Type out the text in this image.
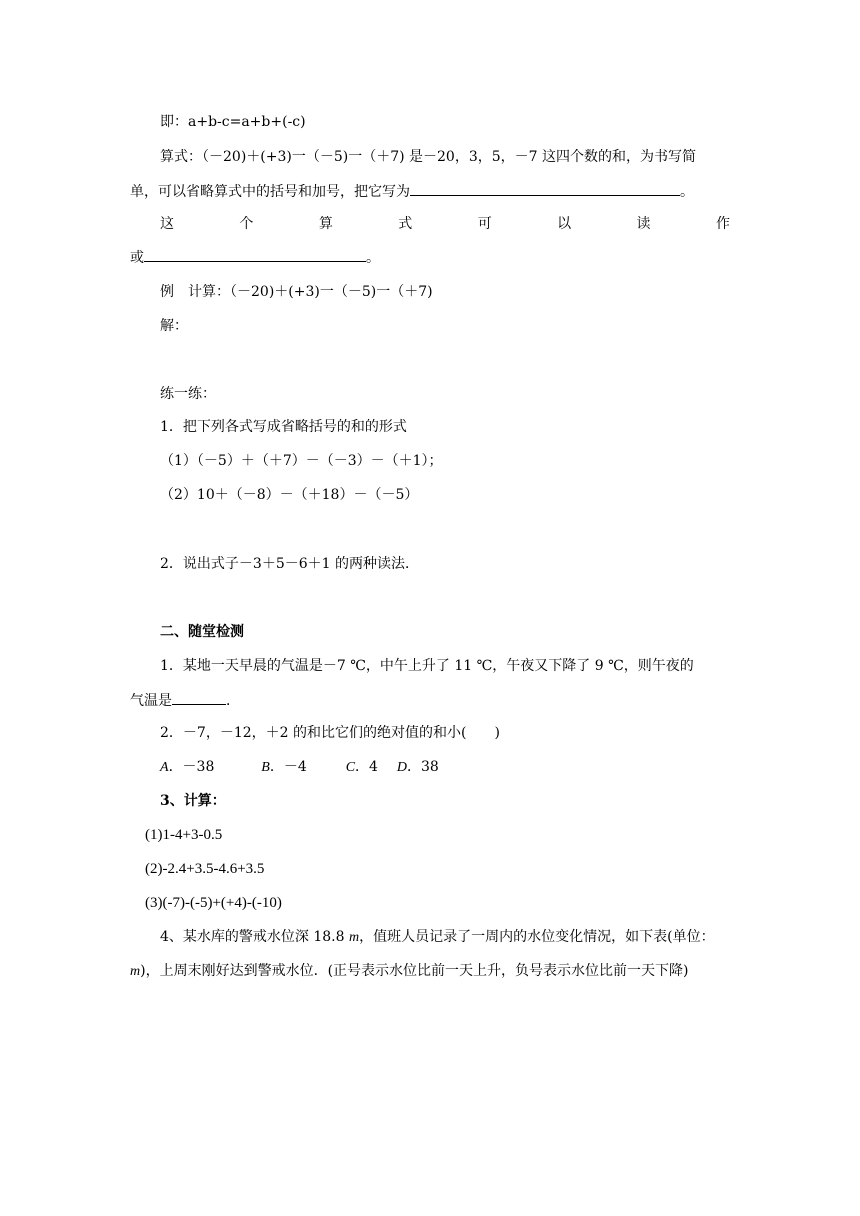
即：a+b-c=a+b+(-c)
算式：（－20)＋(+3)一（－5)一（＋7) 是－20，3，5，－7 这四个数的和，为书写简
单，可以省略算式中的括号和加号，把它写为	。
这	个	算	式	可	以	读	作
或	。
例　计算：（－20)＋(+3)一（－5)一（＋7)
解：
练一练：
1．把下列各式写成省略括号的和的形式
（1）（－5）＋（＋7）－（－3）－（＋1）；
（2）10＋（－8）－（＋18）－（－5）
2．说出式子－3＋5－6＋1 的两种读法．
二、随堂检测
1．某地一天早晨的气温是－7 ℃，中午上升了 11 ℃，午夜又下降了 9 ℃，则午夜的
气温是	．
2．－7，－12，＋2 的和比它们的绝对值的和小(　　)
A．－38	B．－4	C．4 D．38
3、计算：
(1)1-4+3-0.5
(2)-2.4+3.5-4.6+3.5
(3)(-7)-(-5)+(+4)-(-10)
4、某水库的警戒水位深 18.8 m，值班人员记录了一周内的水位变化情况，如下表(单位：
m)，上周末刚好达到警戒水位．(正号表示水位比前一天上升，负号表示水位比前一天下降)
